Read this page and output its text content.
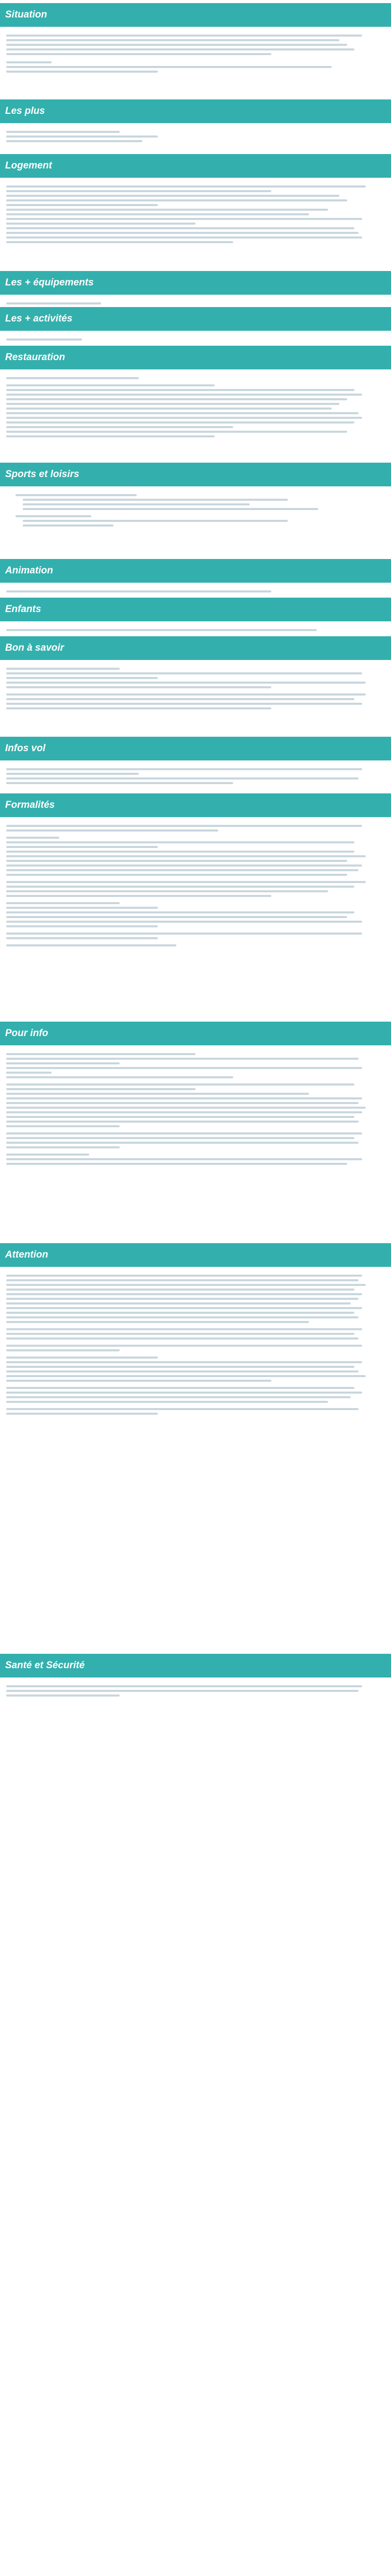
Situation
Les plus
Logement
Les + équipements
Les + activités
Restauration
Sports et loisirs
Animation
Enfants
Bon à savoir
Infos vol
Formalités
Pour info
Attention
Santé et Sécurité
